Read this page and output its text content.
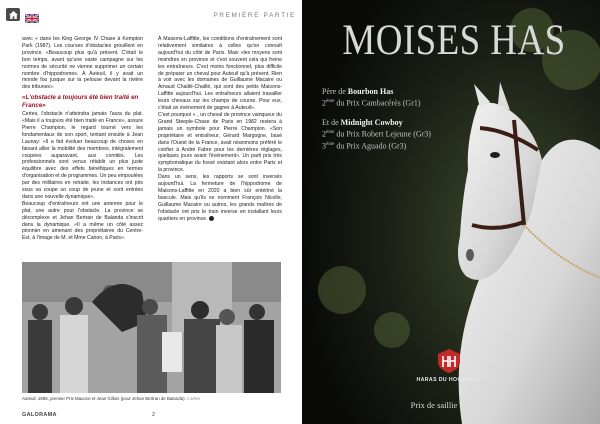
PREMIÈRE PARTIE

avec « dans les King George IV Chase à Kempton Park (1987). Les courses d'obstacles grouillent en province. «Beaucoup plus qu'à présent. C'était le bon temps, avant qu'une vaste campagne sur les normes de sécurité ne vienne supprimer un certain nombre d'hippodromes. À Auteuil, il y avait un monde fou jusque sur la pelouse devant la rivière des tribunes».

«L'obstacle a toujours été bien traité en France»

Certes, l'obstacle n'atteindra jamais l'aura du plat. «Mais il a toujours été bien traité en France», assure Pierre Champion, le regard tourné vers les fondamentaux de son sport, tentant ensuite à Jean Launay: «Il a fait évoluer beaucoup de choses en faisant allier la mobilité des membres, intégralement coupées auparavant, aux comités. Les professionnels sont venus rétablir un plus juste équilibre avec des effets bénéfiques en termes d'organisation et de programmes. Un peu empoulées par des militaires en retraite, les instances ont pris sous sa coupe un coup de jeune et sont entrées dans une nouvelle dynamique».

Beaucoup d'entraîneurs ont une antenne pour le plat, une autre pour l'obstacle. La province se décomplexe et Jehan Bertran de Balanda s'inscrit dans la dynamique. «Il a même un côté assez pionnier en amenant des propriétaires du Centre-Est, à l'image de M. et Mme Carion, à Paris».

À Maisons-Laffitte, les conditions d'entraînement sont relativement similaires à celles qu'on connaît aujourd'hui du côté de Paris. Mais «les moyens sont moindres en province et c'est souvent cela qui freine les entraîneurs. C'est moins fonctionnel, plus difficile de préparer un cheval pour Auteuil qu'à présent. Rien à voir avec les domaines de Guillaume Macaire ou Arnaud Chaillé-Chaillé, qui sont des petits Maisons-Laffitte aujourd'hui. Les entraîneurs allaient travailler leurs chevaux sur les champs de course. Pour eux, c'était un événement de gagner à Auteuil».

C'est pourquoi « , un cheval de province vainqueur du Grand Steeple-Chase de Paris en 1982 restera à jamais un symbole pour Pierre Champion. «Son propriétaire et entraîneur, Gérard Margogne, basé dans l'Ouest de la France, avait néanmoins préféré le confier à André Fabre pour les dernières réglages, quelques jours avant l'événement». Un parti pris très symptomatique du fossé existant alors entre Paris et la province.

Dans un sens, les rapports se sont inversés aujourd'hui. La fermeture de l'hippodrome de Maisons-Laffitte en 2020 a bien sûr entériné la bascule. Mais qu'ils se nomment François Nicolle, Guillaume Macaire ou autres, les grands maîtres de l'obstacle ont pris le train inverse en installant leurs quartiers en province.

Auteuil, 1985, premier Prix Maunce et Jean Gillois (pour Jehan Bertran de Balanda). © APRH
GALORAMA	2
MOISES HAS
Père de Bourbon Has
2ème du Prix Cambacérès (Gr1)
Et de Midnight Cowboy
2ème du Prix Robert Lejeune (Gr3)
3ème du Prix Aguado (Gr3)
HARAS DU HOGUENET
Prix de saillie : 8.000€
